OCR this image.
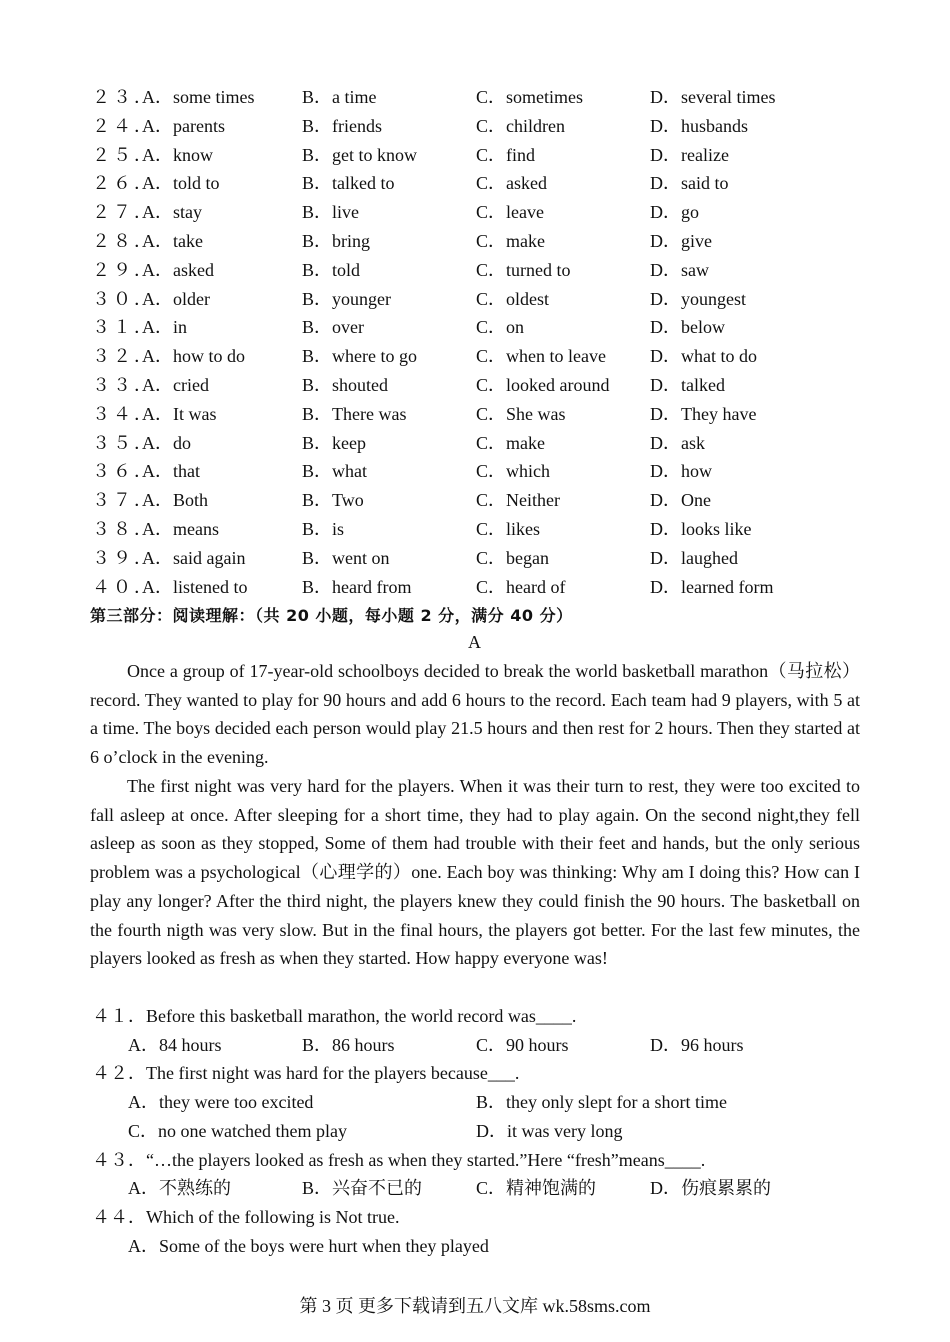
２３．
A．some times	B．a time	C．sometimes	D．several times
２４．
A．parents	B．friends	C．children	D．husbands
２５．
A．know	B．get to know	C．find	D．realize
２６．
A．told to	B．talked to	C．asked	D．said to
２７．
A．stay	B．live	C．leave	D．go
２８．
A．take	B．bring	C．make	D．give
２９．
A．asked	B．told	C．turned to	D．saw
３０．
A．older	B．younger	C．oldest	D．youngest
３１．
A．in	B．over	C．on	D．below
３２．
A．how to do	B．where to go	C．when to leave D．what to do
３３．
A．cried	B．shouted	C．looked around D．talked
３４．
A．It was	B．There was	C．She was	D．They have
３５．
A．do	B．keep	C．make	D．ask
３６．
A．that	B．what	C．which	D．how
３７．
A．Both	B．Two	C．Neither	D．One
３８．
A．means	B．is	C．likes	D．looks like
３９．
A．said again	B．went on	C．began	D．laughed
４０．
A．listened to	B．heard from	C．heard of	D．learned form
第三部分：阅读理解：（共 20 小题，每小题 2 分，满分 40 分）
A

Once a group of 17-year-old schoolboys decided to break the world basketball marathon（马拉松）record. They wanted to play for 90 hours and add 6 hours to the record. Each team had 9 players, with 5 at a time. The boys decided each person would play 21.5 hours and then rest for 2 hours. Then they started at 6 o’clock in the evening.

The first night was very hard for the players. When it was their turn to rest, they were too excited to fall asleep at once. After sleeping for a short time, they had to play again. On the second night,they fell asleep as soon as they stopped, Some of them had trouble with their feet and hands, but the only serious problem was a psychological（心理学的）one. Each boy was thinking: Why am I doing this? How can I play any longer? After the third night, the players knew they could finish the 90 hours. The basketball on the fourth nigth was very slow. But in the final hours, the players got better. For the last few minutes, the players looked as fresh as when they started. How happy everyone was!

４１．Before this basketball marathon, the world record was____.
A．84 hours	B．86 hours	C．90 hours	D．96 hours
４２．The first night was hard for the players because___.
A．they were too excited	B．they only slept for a short time
C．no one watched them play	D．it was very long
４３．“…the players looked as fresh as when they started.”Here “fresh”means____.
A．不熟练的	B．兴奋不已的	C．精神饱满的	D．伤痕累累的
４４．Which of the following is Not true.
A．Some of the boys were hurt when they played
第 3 页 更多下载请到五八文库 wk.58sms.com
